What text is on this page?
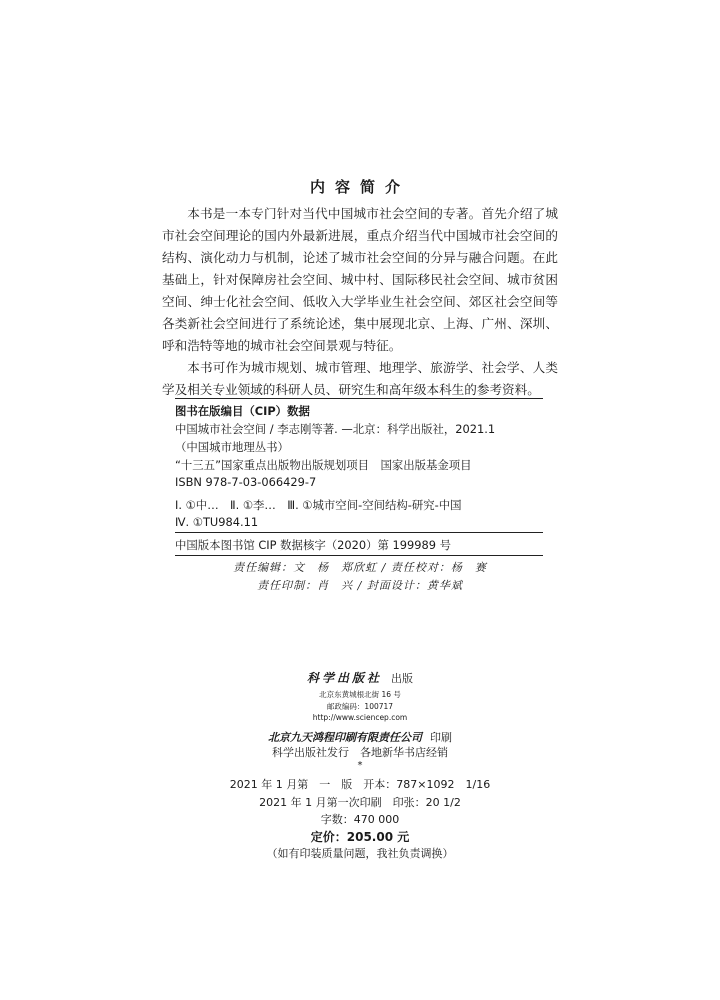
内容简介

本书是一本专门针对当代中国城市社会空间的专著。首先介绍了城市社会空间理论的国内外最新进展，重点介绍当代中国城市社会空间的结构、演化动力与机制，论述了城市社会空间的分异与融合问题。在此基础上，针对保障房社会空间、城中村、国际移民社会空间、城市贫困空间、绅士化社会空间、低收入大学毕业生社会空间、郊区社会空间等各类新社会空间进行了系统论述，集中展现北京、上海、广州、深圳、呼和浩特等地的城市社会空间景观与特征。

本书可作为城市规划、城市管理、地理学、旅游学、社会学、人类学及相关专业领域的科研人员、研究生和高年级本科生的参考资料。

图书在版编目（CIP）数据
中国城市社会空间 / 李志刚等著. —北京：科学出版社，2021.1
（中国城市地理丛书）
“十三五”国家重点出版物出版规划项目　国家出版基金项目
ISBN 978-7-03-066429-7
Ⅰ. ①中…　Ⅱ. ①李…　Ⅲ. ①城市空间-空间结构-研究-中国
Ⅳ. ①TU984.11
中国版本图书馆 CIP 数据核字（2020）第 199989 号
责任编辑：文　杨　郑欣虹 / 责任校对：杨　赛
责任印制：肖　兴 / 封面设计：黄华斌
科学出版社 出版
北京东黄城根北街 16 号
邮政编码：100717
http://www.sciencep.com
北京九天鸿程印刷有限责任公司 印刷
科学出版社发行　各地新华书店经销
*
2021 年 1 月第　一　版　开本：787×1092　1/16
2021 年 1 月第一次印刷　印张：20 1/2
字数：470 000
定价：205.00 元
（如有印装质量问题，我社负责调换）
